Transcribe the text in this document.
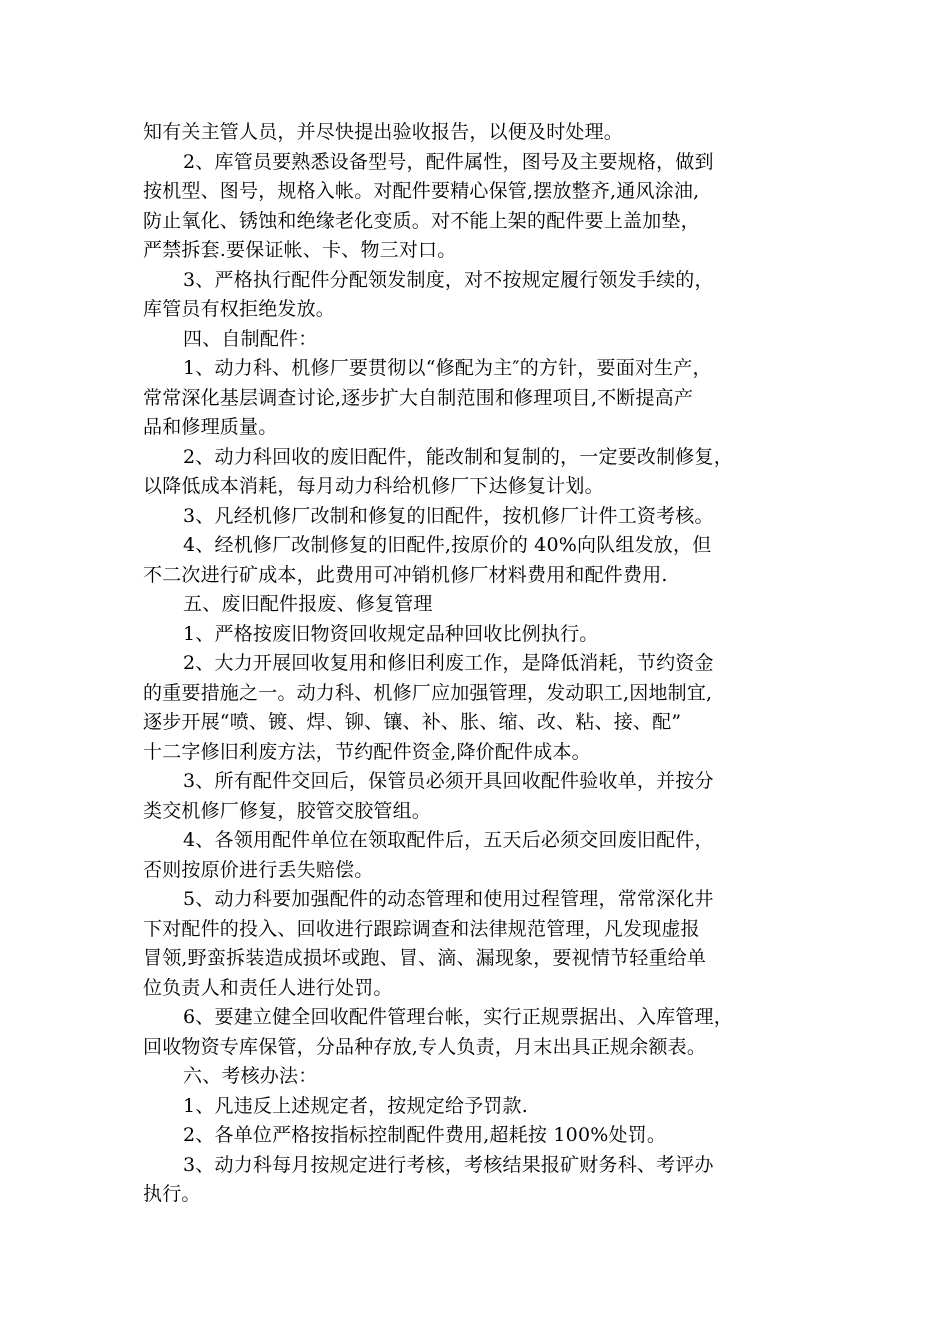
知有关主管人员，并尽快提出验收报告，以便及时处理。
2、库管员要熟悉设备型号，配件属性，图号及主要规格，做到
按机型、图号，规格入帐。对配件要精心保管,摆放整齐,通风涂油,
防止氧化、锈蚀和绝缘老化变质。对不能上架的配件要上盖加垫，
严禁拆套.要保证帐、卡、物三对口。
3、严格执行配件分配领发制度，对不按规定履行领发手续的，
库管员有权拒绝发放。
四、自制配件：
1、动力科、机修厂要贯彻以“修配为主″的方针，要面对生产，
常常深化基层调查讨论,逐步扩大自制范围和修理项目,不断提高产
品和修理质量。
2、动力科回收的废旧配件，能改制和复制的，一定要改制修复，
以降低成本消耗，每月动力科给机修厂下达修复计划。
3、凡经机修厂改制和修复的旧配件，按机修厂计件工资考核。
4、经机修厂改制修复的旧配件,按原价的 40%向队组发放，但
不二次进行矿成本，此费用可冲销机修厂材料费用和配件费用.
五、废旧配件报废、修复管理
1、严格按废旧物资回收规定品种回收比例执行。
2、大力开展回收复用和修旧利废工作，是降低消耗，节约资金
的重要措施之一。动力科、机修厂应加强管理，发动职工,因地制宜,
逐步开展“喷、镀、焊、铆、镶、补、胀、缩、改、粘、接、配”
十二字修旧利废方法，节约配件资金,降价配件成本。
3、所有配件交回后，保管员必须开具回收配件验收单，并按分
类交机修厂修复，胶管交胶管组。
4、各领用配件单位在领取配件后，五天后必须交回废旧配件，
否则按原价进行丢失赔偿。
5、动力科要加强配件的动态管理和使用过程管理，常常深化井
下对配件的投入、回收进行跟踪调查和法律规范管理，凡发现虚报
冒领,野蛮拆装造成损坏或跑、冒、滴、漏现象，要视情节轻重给单
位负责人和责任人进行处罚。
6、要建立健全回收配件管理台帐，实行正规票据出、入库管理，
回收物资专库保管，分品种存放,专人负责，月末出具正规余额表。
六、考核办法：
1、凡违反上述规定者，按规定给予罚款.
2、各单位严格按指标控制配件费用,超耗按 100%处罚。
3、动力科每月按规定进行考核，考核结果报矿财务科、考评办
执行。
